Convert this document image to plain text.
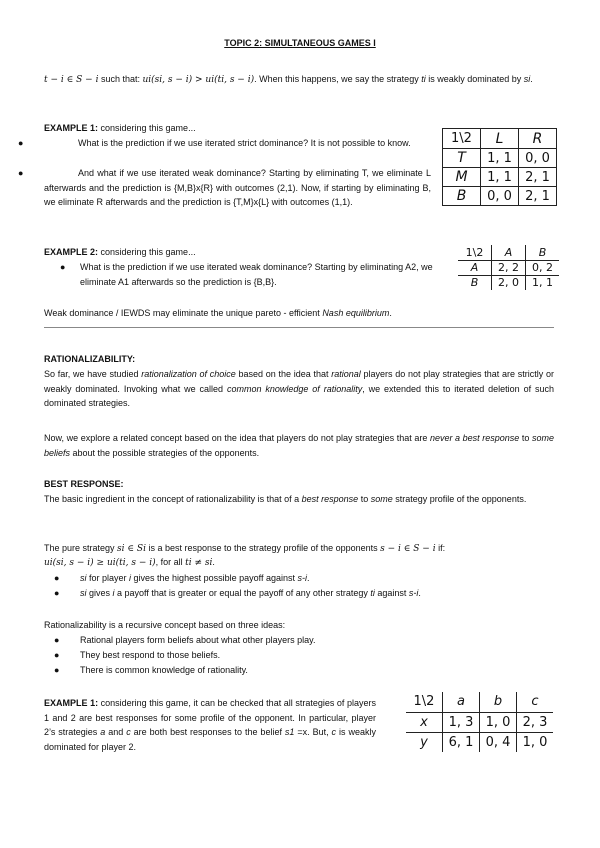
TOPIC 2: SIMULTANEOUS GAMES I
t − i ∈ S − i such that: ui(si, s − i) > ui(ti, s − i). When this happens, we say the strategy ti is weakly dominated by si.
EXAMPLE 1: considering this game...
●	What is the prediction if we use iterated strict dominance? It is not possible to know.
●	And what if we use iterated weak dominance? Starting by eliminating T, we eliminate L afterwards and the prediction is {M,B}x{R} with outcomes (2,1). Now, if starting by eliminating B, we eliminate R afterwards and the prediction is {T,M}x{L} with outcomes (1,1).
1\2	L	R
T	1, 1	0, 0
M	1, 1	2, 1
B	0, 0	2, 1
EXAMPLE 2: considering this game...
● What is the prediction if we use iterated weak dominance? Starting by eliminating A2, we eliminate A1 afterwards so the prediction is {B,B}.
1\2	A	B
A	2, 2	0, 2
B	2, 0	1, 1
Weak dominance / IEWDS may eliminate the unique pareto - efficient Nash equilibrium.
RATIONALIZABILITY:
So far, we have studied rationalization of choice based on the idea that rational players do not play strategies that are strictly or weakly dominated. Invoking what we called common knowledge of rationality, we extended this to iterated deletion of such dominated strategies.
Now, we explore a related concept based on the idea that players do not play strategies that are never a best response to some beliefs about the possible strategies of the opponents.
BEST RESPONSE:
The basic ingredient in the concept of rationalizability is that of a best response to some strategy profile of the opponents.
The pure strategy si ∈ Si is a best response to the strategy profile of the opponents s − i ∈ S − i if:
ui(si, s − i) ≥ ui(ti, s − i), for all ti ≠ si.
● si for player i gives the highest possible payoff against s-i.
● si gives i a payoff that is greater or equal the payoff of any other strategy ti against s-i.
Rationalizability is a recursive concept based on three ideas:
● Rational players form beliefs about what other players play.
● They best respond to those beliefs.
● There is common knowledge of rationality.
EXAMPLE 1: considering this game, it can be checked that all strategies of players 1 and 2 are best responses for some profile of the opponent. In particular, player 2’s strategies a and c are both best responses to the belief s1 =x. But, c is weakly dominated for player 2.
1\2	a	b	c
x	1, 3	1, 0	2, 3
y	6, 1	0, 4	1, 0
